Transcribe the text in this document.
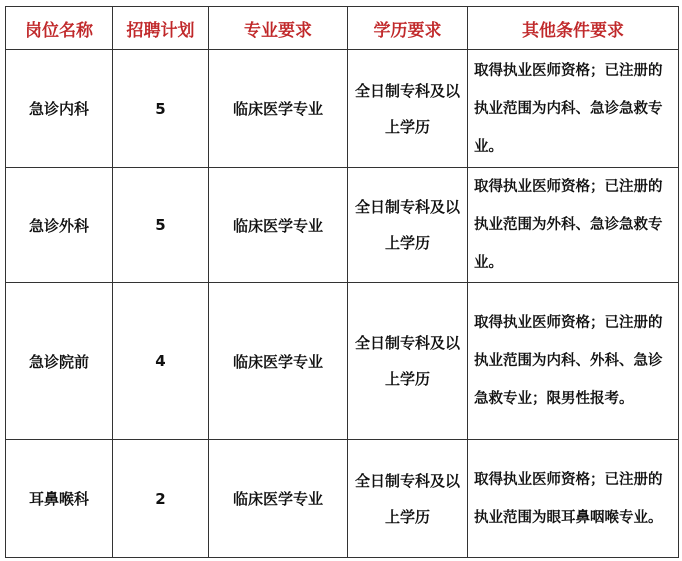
岗位名称	招聘计划	专业要求	学历要求	其他条件要求
急诊内科	5	临床医学专业	全日制专科及以上学历	取得执业医师资格；已注册的执业范围为内科、急诊急救专业。
急诊外科	5	临床医学专业	全日制专科及以上学历	取得执业医师资格；已注册的执业范围为外科、急诊急救专业。
急诊院前	4	临床医学专业	全日制专科及以上学历	取得执业医师资格；已注册的执业范围为内科、外科、急诊急救专业；限男性报考。
耳鼻喉科	2	临床医学专业	全日制专科及以上学历	取得执业医师资格；已注册的执业范围为眼耳鼻咽喉专业。
